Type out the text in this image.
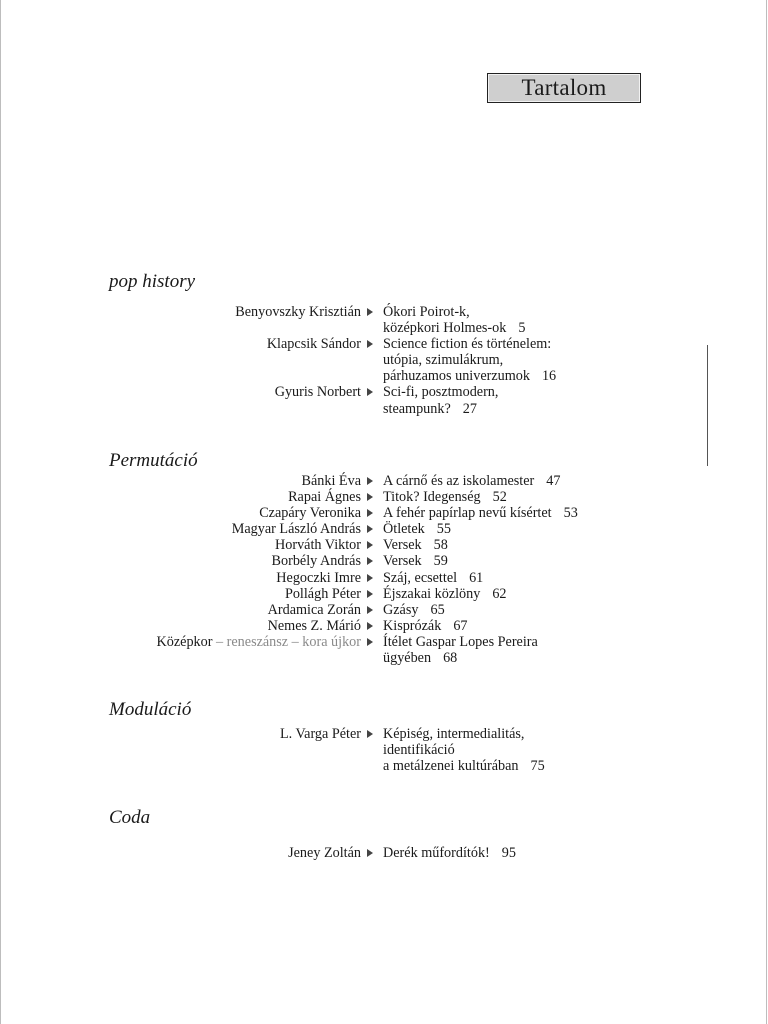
Tartalom
pop history
Permutáció
Moduláció
Coda
Benyovszky Krisztián Ókori Poirot-k,
középkori Holmes-ok 5
Klapcsik Sándor Science fiction és történelem:
utópia, szimulákrum,
párhuzamos univerzumok 16
Gyuris Norbert Sci-fi, posztmodern,
steampunk? 27
Bánki Éva A cárnő és az iskolamester 47
Rapai Ágnes Titok? Idegenség 52
Czapáry Veronika A fehér papírlap nevű kísértet 53
Magyar László András Ötletek 55
Horváth Viktor Versek 58
Borbély András Versek 59
Hegoczki Imre Száj, ecsettel 61
Pollágh Péter Éjszakai közlöny 62
Ardamica Zorán Gzásy 65
Nemes Z. Márió Kisprózák 67
Középkor – reneszánsz – kora újkor Ítélet Gaspar Lopes Pereira
ügyében 68
L. Varga Péter Képiség, intermedialitás,
identifikáció
a metálzenei kultúrában 75
Jeney Zoltán Derék műfordítók! 95
